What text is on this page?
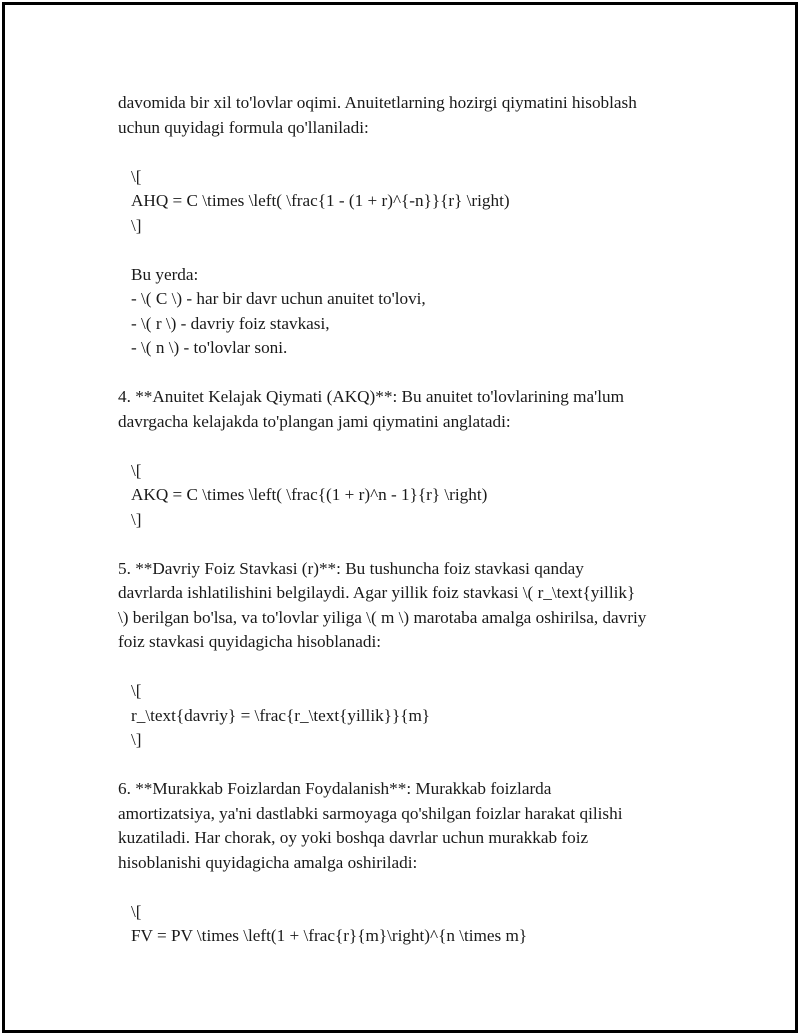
davomida bir xil to'lovlar oqimi. Anuitetlarning hozirgi qiymatini hisoblash
uchun quyidagi formula qo'llaniladi:
\[
AHQ = C \times \left( \frac{1 - (1 + r)^{-n}}{r} \right)
\]
Bu yerda:
- \( C \) - har bir davr uchun anuitet to'lovi,
- \( r \) - davriy foiz stavkasi,
- \( n \) - to'lovlar soni.
4. **Anuitet Kelajak Qiymati (AKQ)**: Bu anuitet to'lovlarining ma'lum
davrgacha kelajakda to'plangan jami qiymatini anglatadi:
\[
AKQ = C \times \left( \frac{(1 + r)^n - 1}{r} \right)
\]
5. **Davriy Foiz Stavkasi (r)**: Bu tushuncha foiz stavkasi qanday
davrlarda ishlatilishini belgilaydi. Agar yillik foiz stavkasi \( r_\text{yillik}
\) berilgan bo'lsa, va to'lovlar yiliga \( m \) marotaba amalga oshirilsa, davriy
foiz stavkasi quyidagicha hisoblanadi:
\[
r_\text{davriy} = \frac{r_\text{yillik}}{m}
\]
6. **Murakkab Foizlardan Foydalanish**: Murakkab foizlarda
amortizatsiya, ya'ni dastlabki sarmoyaga qo'shilgan foizlar harakat qilishi
kuzatiladi. Har chorak, oy yoki boshqa davrlar uchun murakkab foiz
hisoblanishi quyidagicha amalga oshiriladi:
\[
FV = PV \times \left(1 + \frac{r}{m}\right)^{n \times m}
